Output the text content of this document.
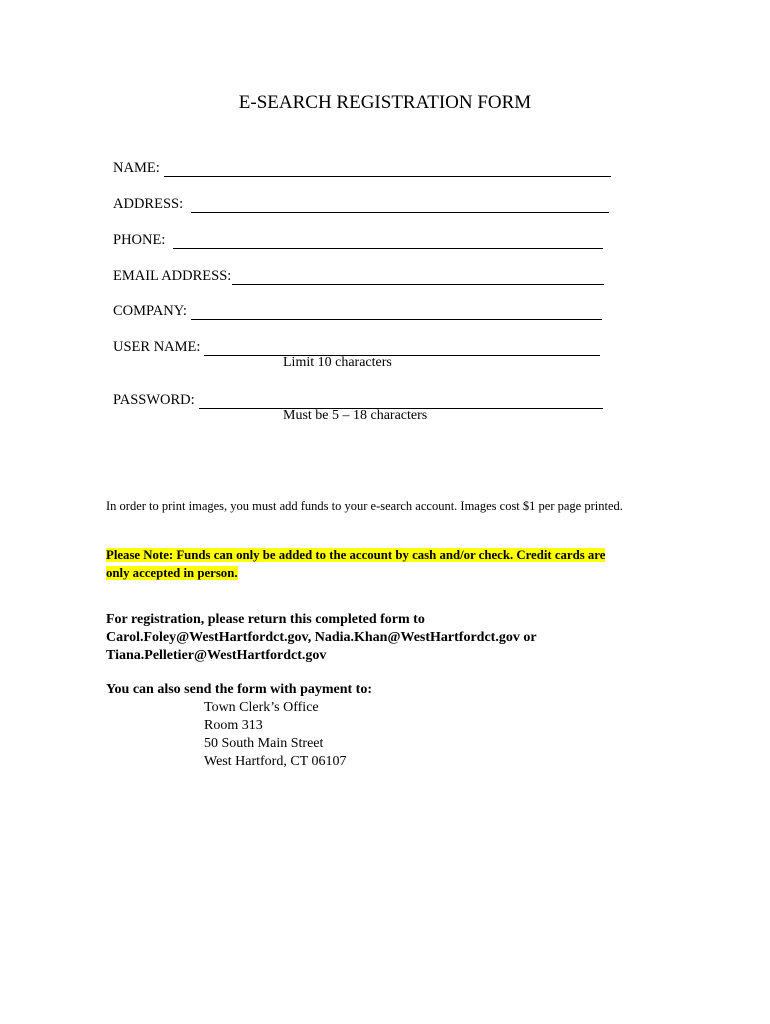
E-SEARCH REGISTRATION FORM
NAME:
ADDRESS:
PHONE:
EMAIL ADDRESS:
COMPANY:
USER NAME:
Limit 10 characters
PASSWORD:
Must be 5 – 18 characters
In order to print images, you must add funds to your e-search account. Images cost $1 per page printed.
Please Note: Funds can only be added to the account by cash and/or check. Credit cards are
only accepted in person.
For registration, please return this completed form to
Carol.Foley@WestHartfordct.gov, Nadia.Khan@WestHartfordct.gov or
Tiana.Pelletier@WestHartfordct.gov
You can also send the form with payment to:
Town Clerk’s Office
Room 313
50 South Main Street
West Hartford, CT 06107
